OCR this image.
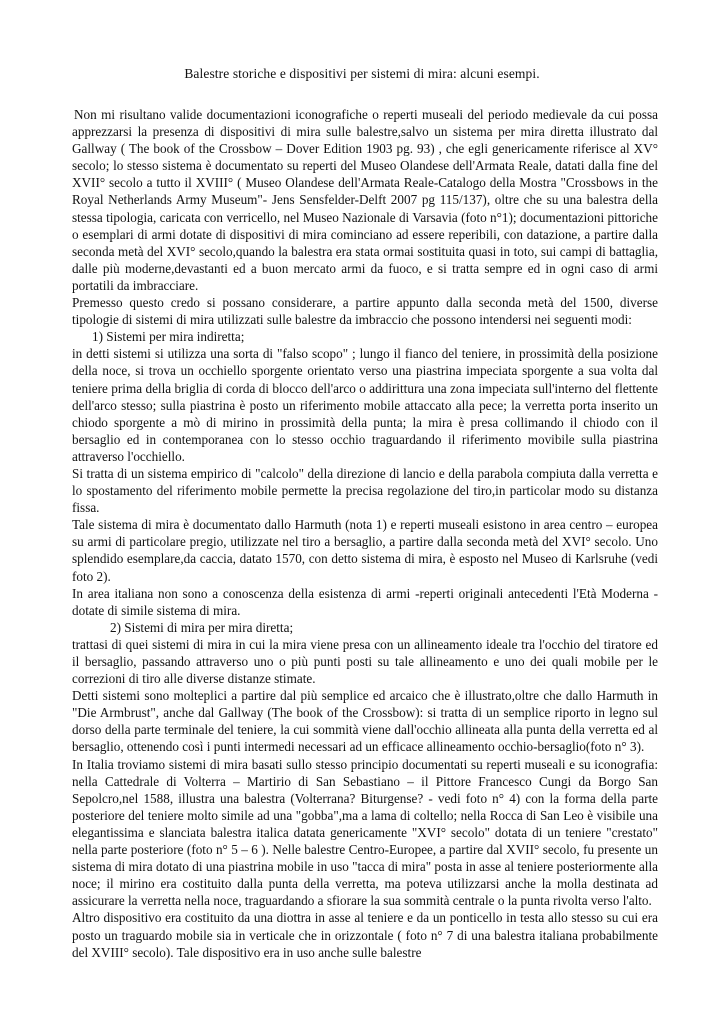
Balestre storiche e dispositivi per sistemi di mira: alcuni esempi.

Non mi risultano valide documentazioni iconografiche o reperti museali del periodo medievale da cui possa apprezzarsi la presenza di dispositivi di mira sulle balestre,salvo un sistema per mira diretta illustrato dal Gallway ( The book of the Crossbow – Dover Edition 1903 pg. 93) , che egli genericamente riferisce al XV° secolo; lo stesso sistema è documentato su reperti del Museo Olandese dell'Armata Reale, datati dalla fine del XVII° secolo a tutto il XVIII° ( Museo Olandese dell'Armata Reale-Catalogo della Mostra "Crossbows in the Royal Netherlands Army Museum"- Jens Sensfelder-Delft 2007 pg 115/137), oltre che su una balestra della stessa tipologia, caricata con verricello, nel Museo Nazionale di Varsavia (foto n°1); documentazioni pittoriche o esemplari di armi dotate di dispositivi di mira cominciano ad essere reperibili, con datazione, a partire dalla seconda metà del XVI° secolo,quando la balestra era stata ormai sostituita quasi in toto, sui campi di battaglia, dalle più moderne,devastanti ed a buon mercato armi da fuoco, e si tratta sempre ed in ogni caso di armi portatili da imbracciare.

Premesso questo credo si possano considerare, a partire appunto dalla seconda metà del 1500, diverse tipologie di sistemi di mira utilizzati sulle balestre da imbraccio che possono intendersi nei seguenti modi:

1) Sistemi per mira indiretta;

in detti sistemi si utilizza una sorta di "falso scopo" ; lungo il fianco del teniere, in prossimità della posizione della noce, si trova un occhiello sporgente orientato verso una piastrina impeciata sporgente a sua volta dal teniere prima della briglia di corda di blocco dell'arco o addirittura una zona impeciata sull'interno del flettente dell'arco stesso; sulla piastrina è posto un riferimento mobile attaccato alla pece; la verretta porta inserito un chiodo sporgente a mò di mirino in prossimità della punta; la mira è presa collimando il chiodo con il bersaglio ed in contemporanea con lo stesso occhio traguardando il riferimento movibile sulla piastrina attraverso l'occhiello.

Si tratta di un sistema empirico di "calcolo" della direzione di lancio e della parabola compiuta dalla verretta e lo spostamento del riferimento mobile permette la precisa regolazione del tiro,in particolar modo su distanza fissa.

Tale sistema di mira è documentato dallo Harmuth (nota 1) e reperti museali esistono in area centro – europea su armi di particolare pregio, utilizzate nel tiro a bersaglio, a partire dalla seconda metà del XVI° secolo. Uno splendido esemplare,da caccia, datato 1570, con detto sistema di mira, è esposto nel Museo di Karlsruhe (vedi foto 2).

In area italiana non sono a conoscenza della esistenza di armi -reperti originali antecedenti l'Età Moderna - dotate di simile sistema di mira.

2) Sistemi di mira per mira diretta;

trattasi di quei sistemi di mira in cui la mira viene presa con un allineamento ideale tra l'occhio del tiratore ed il bersaglio, passando attraverso uno o più punti posti su tale allineamento e uno dei quali mobile per le correzioni di tiro alle diverse distanze stimate.

Detti sistemi sono molteplici a partire dal più semplice ed arcaico che è illustrato,oltre che dallo Harmuth in "Die Armbrust", anche dal Gallway (The book of the Crossbow): si tratta di un semplice riporto in legno sul dorso della parte terminale del teniere, la cui sommità viene dall'occhio allineata alla punta della verretta ed al bersaglio, ottenendo così i punti intermedi necessari ad un efficace allineamento occhio-bersaglio(foto n° 3).

In Italia troviamo sistemi di mira basati sullo stesso principio documentati su reperti museali e su iconografia: nella Cattedrale di Volterra – Martirio di San Sebastiano – il Pittore Francesco Cungi da Borgo San Sepolcro,nel 1588, illustra una balestra (Volterrana? Biturgense? - vedi foto n° 4) con la forma della parte posteriore del teniere molto simile ad una "gobba",ma a lama di coltello; nella Rocca di San Leo è visibile una elegantissima e slanciata balestra italica datata genericamente "XVI° secolo" dotata di un teniere "crestato" nella parte posteriore (foto n° 5 – 6 ). Nelle balestre Centro-Europee, a partire dal XVII° secolo, fu presente un sistema di mira dotato di una piastrina mobile in uso "tacca di mira" posta in asse al teniere posteriormente alla noce; il mirino era costituito dalla punta della verretta, ma poteva utilizzarsi anche la molla destinata ad assicurare la verretta nella noce, traguardando a sfiorare la sua sommità centrale o la punta rivolta verso l'alto.

Altro dispositivo era costituito da una diottra in asse al teniere e da un ponticello in testa allo stesso su cui era posto un traguardo mobile sia in verticale che in orizzontale ( foto n° 7 di una balestra italiana probabilmente del XVIII° secolo). Tale dispositivo era in uso anche sulle balestre
